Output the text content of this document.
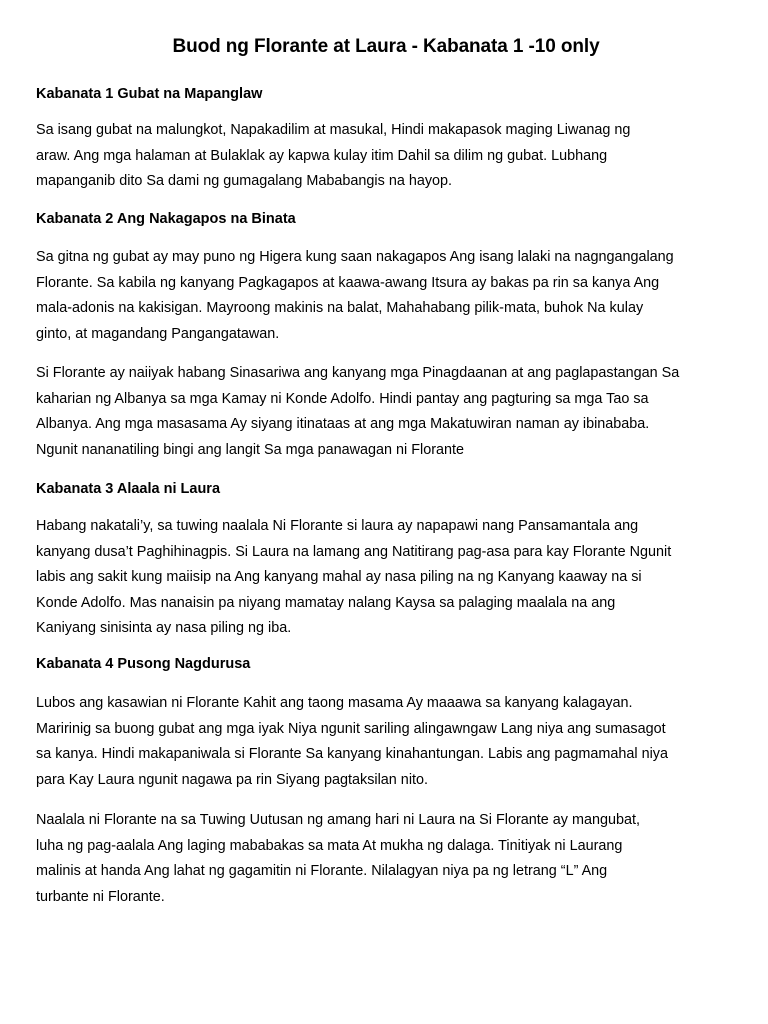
Buod ng Florante at Laura - Kabanata 1 -10 only
Kabanata 1 Gubat na Mapanglaw
Sa isang gubat na malungkot, Napakadilim at masukal, Hindi makapasok maging Liwanag ng
araw. Ang mga halaman at Bulaklak ay kapwa kulay itim Dahil sa dilim ng gubat. Lubhang
mapanganib dito Sa dami ng gumagalang Mababangis na hayop.
Kabanata 2 Ang Nakagapos na Binata
Sa gitna ng gubat ay may puno ng Higera kung saan nakagapos Ang isang lalaki na nagngangalang
Florante. Sa kabila ng kanyang Pagkagapos at kaawa-awang Itsura ay bakas pa rin sa kanya Ang
mala-adonis na kakisigan. Mayroong makinis na balat, Mahahabang pilik-mata, buhok Na kulay
ginto, at magandang Pangangatawan.
Si Florante ay naiiyak habang Sinasariwa ang kanyang mga Pinagdaanan at ang paglapastangan Sa
kaharian ng Albanya sa mga Kamay ni Konde Adolfo. Hindi pantay ang pagturing sa mga Tao sa
Albanya. Ang mga masasama Ay siyang itinataas at ang mga Makatuwiran naman ay ibinababa.
Ngunit nananatiling bingi ang langit Sa mga panawagan ni Florante
Kabanata 3 Alaala ni Laura
Habang nakatali’y, sa tuwing naalala Ni Florante si laura ay napapawi nang Pansamantala ang
kanyang dusa’t Paghihinagpis. Si Laura na lamang ang Natitirang pag-asa para kay Florante Ngunit
labis ang sakit kung maiisip na Ang kanyang mahal ay nasa piling na ng Kanyang kaaway na si
Konde Adolfo. Mas nanaisin pa niyang mamatay nalang Kaysa sa palaging maalala na ang
Kaniyang sinisinta ay nasa piling ng iba.
Kabanata 4 Pusong Nagdurusa
Lubos ang kasawian ni Florante Kahit ang taong masama Ay maaawa sa kanyang kalagayan.
Maririnig sa buong gubat ang mga iyak Niya ngunit sariling alingawngaw Lang niya ang sumasagot
sa kanya. Hindi makapaniwala si Florante Sa kanyang kinahantungan. Labis ang pagmamahal niya
para Kay Laura ngunit nagawa pa rin Siyang pagtaksilan nito.
Naalala ni Florante na sa Tuwing Uutusan ng amang hari ni Laura na Si Florante ay mangubat,
luha ng pag-aalala Ang laging mababakas sa mata At mukha ng dalaga. Tinitiyak ni Laurang
malinis at handa Ang lahat ng gagamitin ni Florante. Nilalagyan niya pa ng letrang “L” Ang
turbante ni Florante.
